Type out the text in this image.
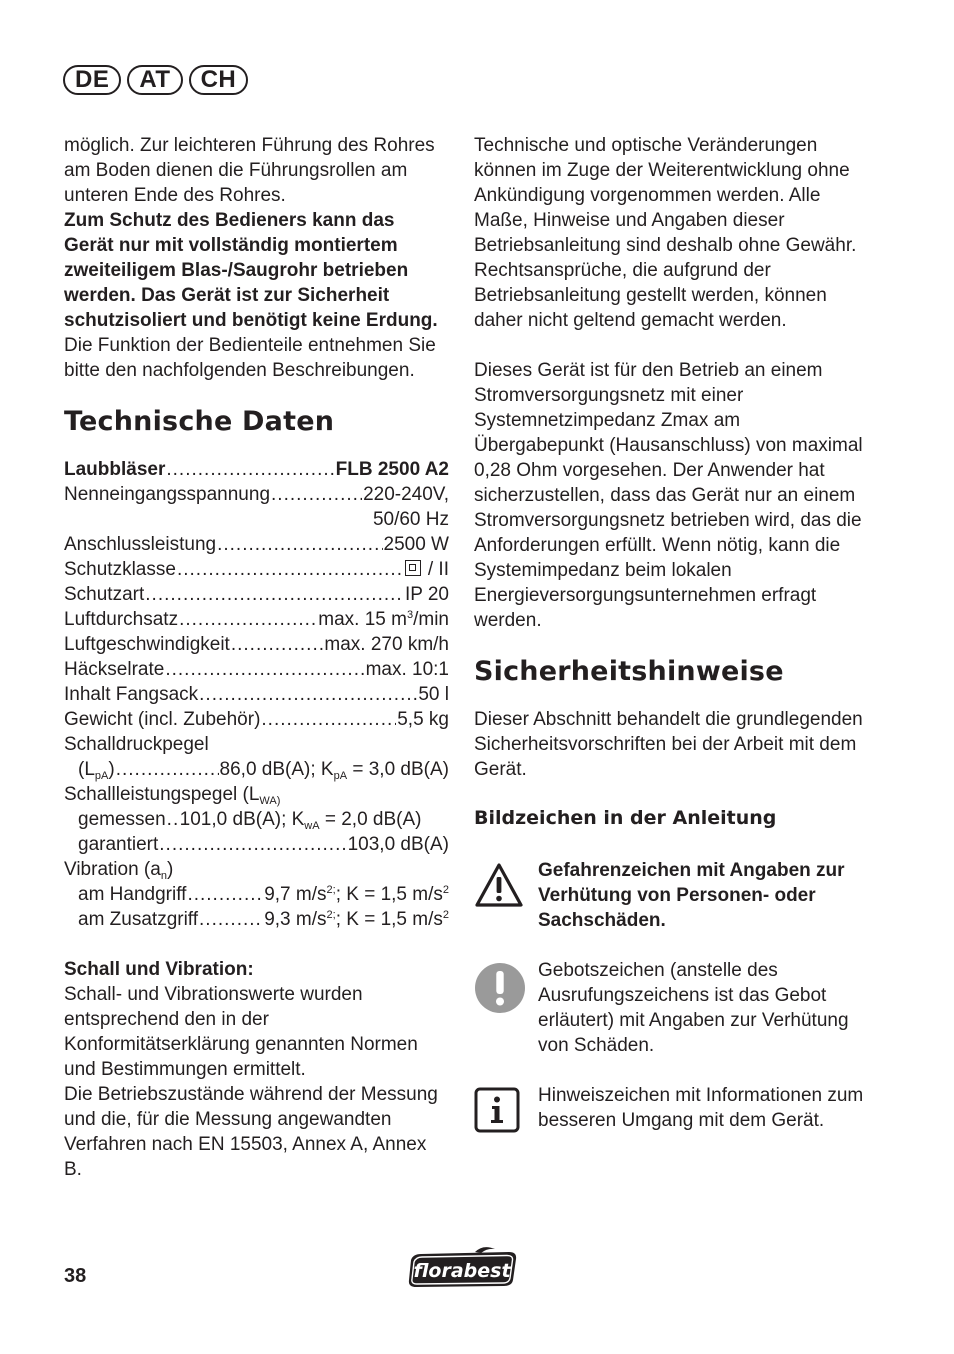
DE	AT	CH

möglich. Zur leichteren Führung des Rohres am Boden dienen die Führungsrollen am unteren Ende des Rohres.

Zum Schutz des Bedieners kann das Gerät nur mit vollständig montiertem zweiteiligem Blas-/Saugrohr betrieben werden. Das Gerät ist zur Sicherheit schutzisoliert und benötigt keine Erdung.

Die Funktion der Bedienteile entnehmen Sie bitte den nachfolgenden Beschreibungen.

Technische Daten
Laubbläser .....	FLB 2500 A2
Nenneingangsspannung .....	220-240V,
50/60 Hz
Anschlussleistung .....	2500 W
Schutzklasse .....	/ II
Schutzart .....	IP 20
Luftdurchsatz .....	max. 15 $m^3/\min$
Luftgeschwindigkeit .....	max. 270 km/h
Häckselrate .....	max. 10:1
Inhalt Fangsack .....	50 l
Gewicht (incl. Zubehör) .....	5,5 kg
Schalldruckpegel
$(L_{pA})$ .....	86,0 dB(A); $K_{pA} = 3,0$ dB(A)
Schallleistungspegel ($L_{WA)}$
gemessen ..... 101,0 dB(A); $K_{wA} = 2,0$ dB(A)
garantiert .....	103,0 dB(A)
Vibration $(a_n)$
am Handgriff .....	9,7 $m/s^{2;}$; K = 1,5 $m/s^2$
am Zusatzgriff .....	9,3 $m/s^{2;}$; K = 1,5 $m/s^2$

Schall und Vibration:

Schall- und Vibrationswerte wurden entsprechend den in der Konformitätserklärung genannten Normen und Bestimmungen ermittelt.

Die Betriebszustände während der Messung und die, für die Messung angewandten Verfahren nach EN 15503, Annex A, Annex B.

Technische und optische Veränderungen können im Zuge der Weiterentwicklung ohne Ankündigung vorgenommen werden. Alle Maße, Hinweise und Angaben dieser Betriebsanleitung sind deshalb ohne Gewähr. Rechtsansprüche, die aufgrund der Betriebsanleitung gestellt werden, können daher nicht geltend gemacht werden.

Dieses Gerät ist für den Betrieb an einem Stromversorgungsnetz mit einer Systemnetzimpedanz Zmax am Übergabepunkt (Hausanschluss) von maximal 0,28 Ohm vorgesehen. Der Anwender hat sicherzustellen, dass das Gerät nur an einem Stromversorgungsnetz betrieben wird, das die Anforderungen erfüllt. Wenn nötig, kann die Systemimpedanz beim lokalen Energieversorgungsunternehmen erfragt werden.

Sicherheitshinweise

Dieser Abschnitt behandelt die grundlegenden Sicherheitsvorschriften bei der Arbeit mit dem Gerät.

Bildzeichen in der Anleitung

Gefahrenzeichen mit Angaben zur Verhütung von Personen- oder Sachschäden.

Gebotszeichen (anstelle des Ausrufungszeichens ist das Gebot erläutert) mit Angaben zur Verhütung von Schäden.

Hinweiszeichen mit Informationen zum besseren Umgang mit dem Gerät.

38	florabest
